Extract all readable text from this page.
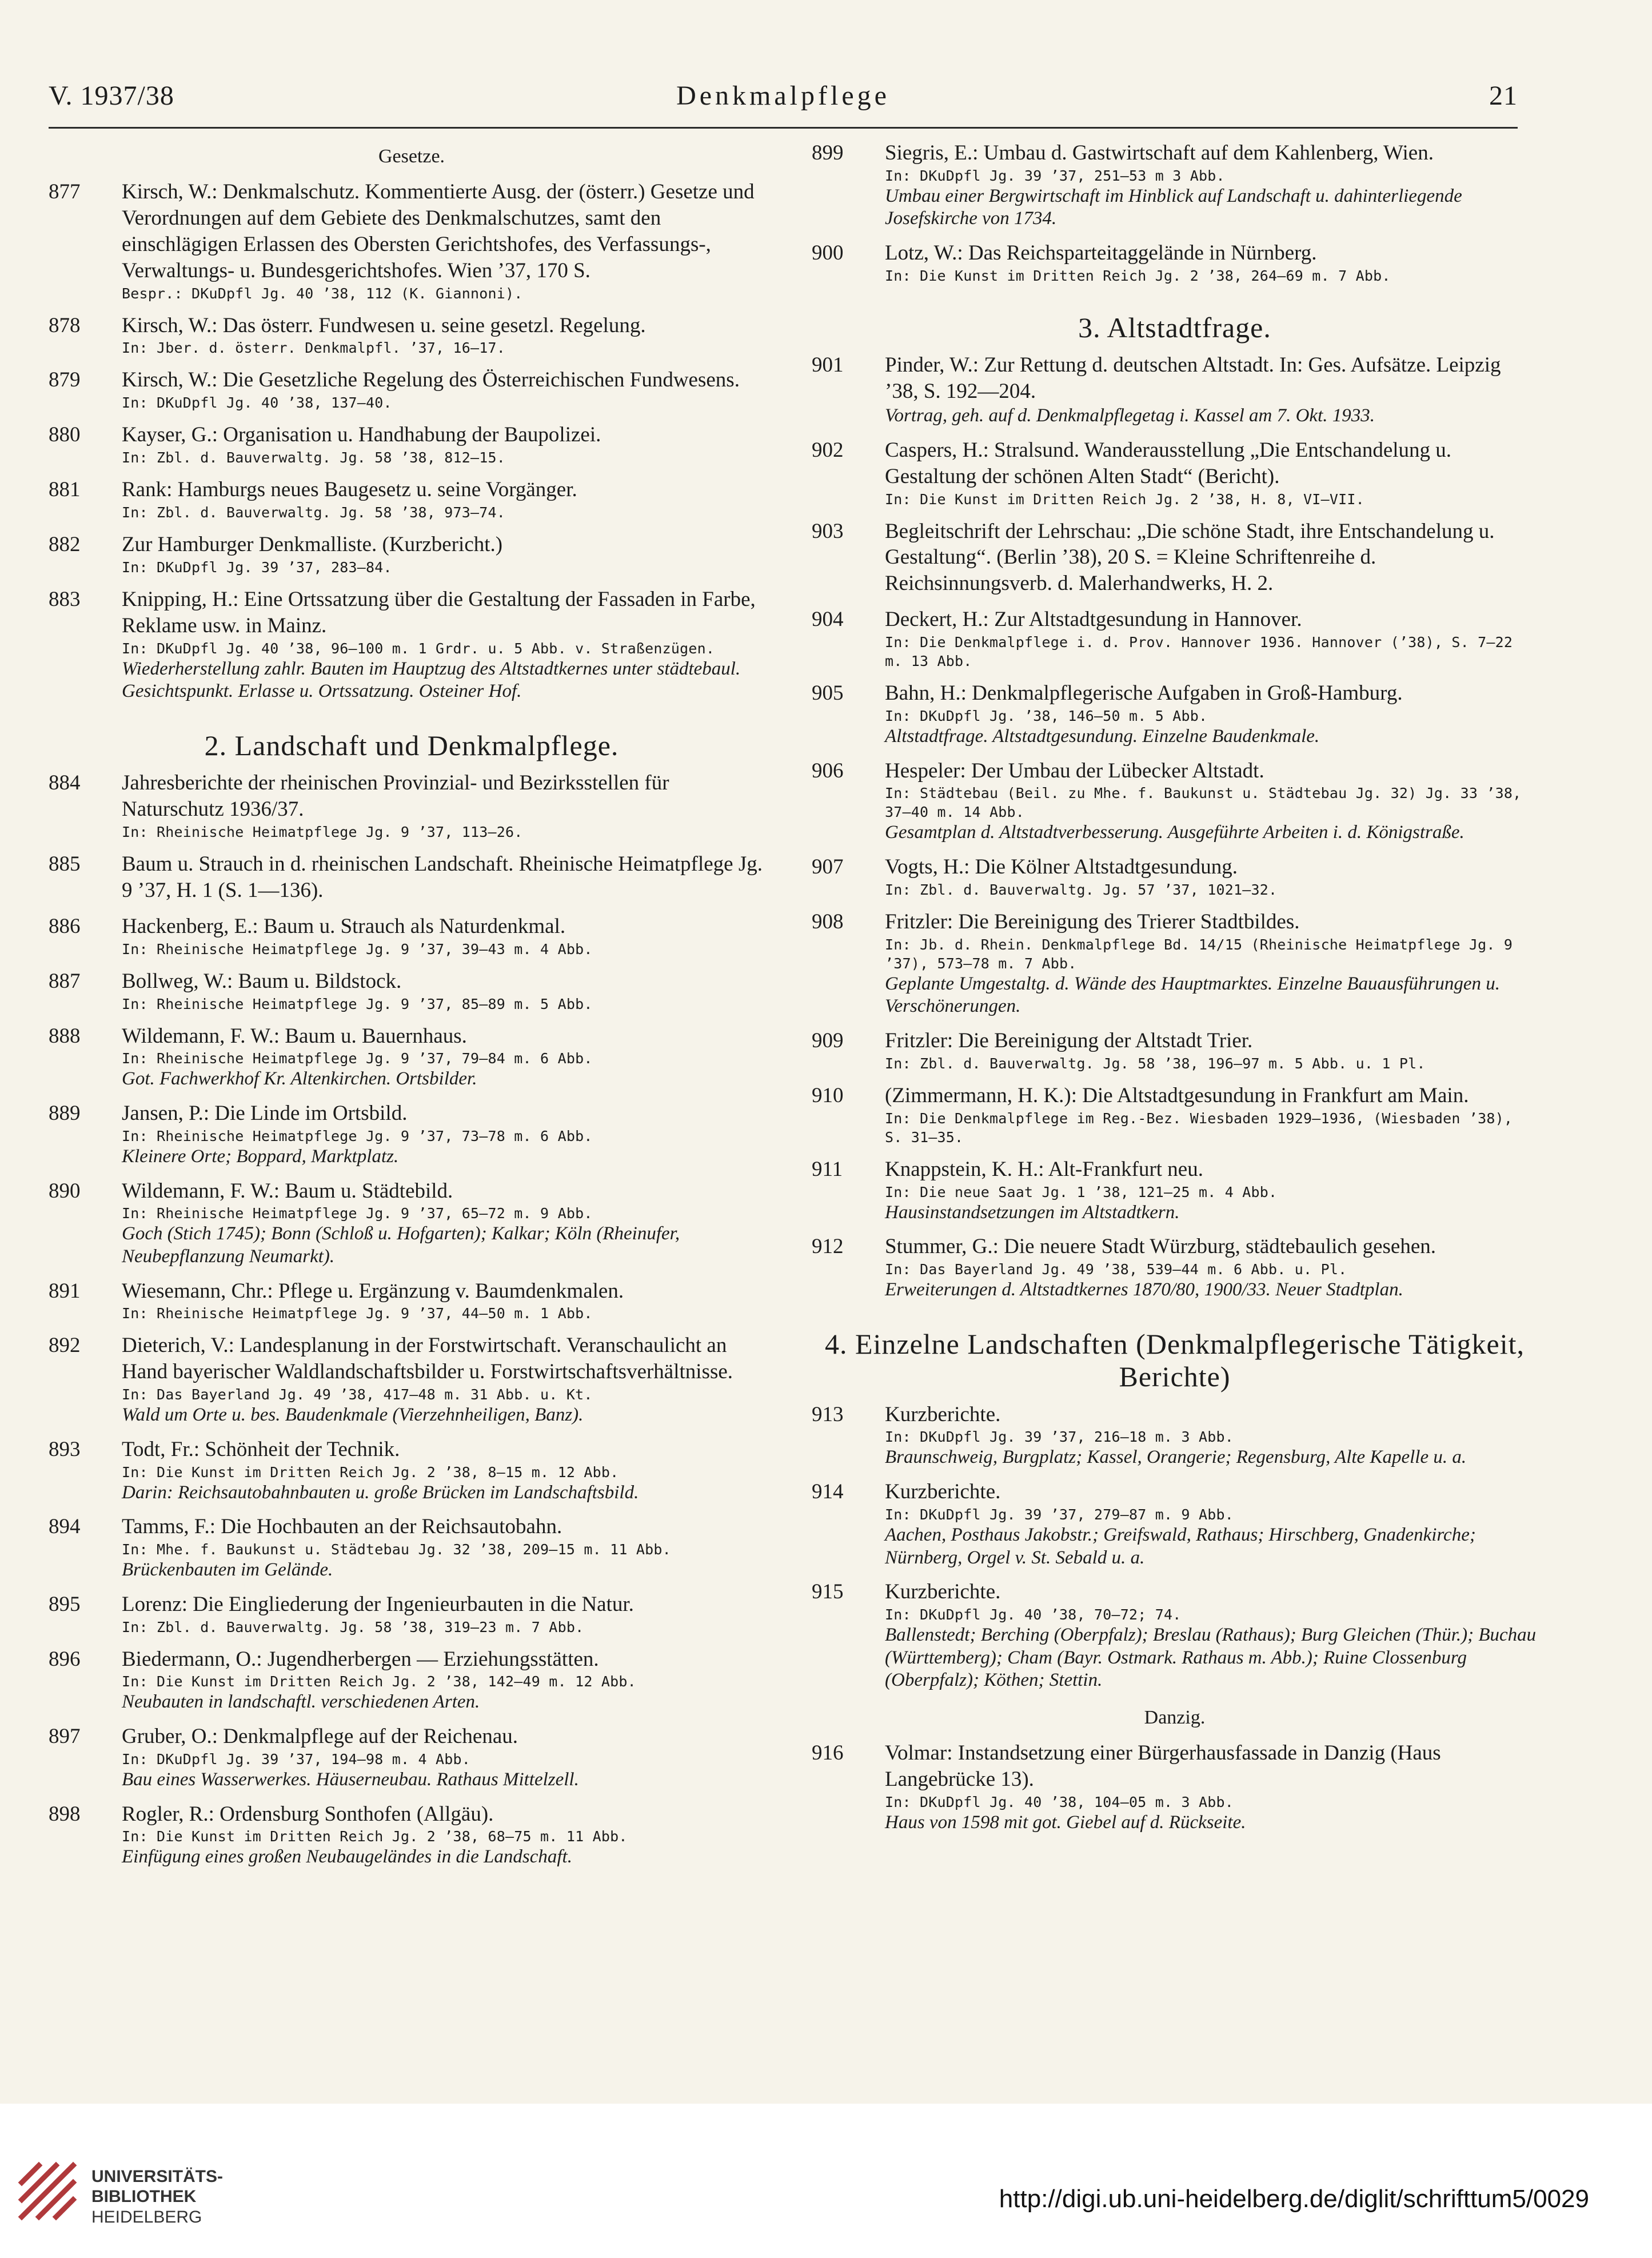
V. 1937/38	Denkmalpflege	21
Gesetze.
877	Kirsch, W.: Denkmalschutz. Kommentierte Ausg. der (österr.) Gesetze und Verordnungen auf dem Gebiete des Denkmalschutzes, samt den einschlägigen Erlassen des Obersten Gerichtshofes, des Verfassungs-, Verwaltungs- u. Bundesgerichtshofes. Wien ’37, 170 S.
Bespr.: DKuDpfl Jg. 40 ’38, 112 (K. Giannoni).
878	Kirsch, W.: Das österr. Fundwesen u. seine gesetzl. Regelung.
In: Jber. d. österr. Denkmalpfl. ’37, 16—17.
879	Kirsch, W.: Die Gesetzliche Regelung des Österreichischen Fundwesens.
In: DKuDpfl Jg. 40 ’38, 137—40.
880	Kayser, G.: Organisation u. Handhabung der Baupolizei.
In: Zbl. d. Bauverwaltg. Jg. 58 ’38, 812—15.
881	Rank: Hamburgs neues Baugesetz u. seine Vorgänger.
In: Zbl. d. Bauverwaltg. Jg. 58 ’38, 973—74.
882	Zur Hamburger Denkmalliste. (Kurzbericht.)
In: DKuDpfl Jg. 39 ’37, 283—84.
883	Knipping, H.: Eine Ortssatzung über die Gestaltung der Fassaden in Farbe, Reklame usw. in Mainz.
In: DKuDpfl Jg. 40 ’38, 96—100 m. 1 Grdr. u. 5 Abb. v. Straßenzügen.
Wiederherstellung zahlr. Bauten im Hauptzug des Altstadtkernes unter städtebaul. Gesichtspunkt. Erlasse u. Ortssatzung. Osteiner Hof.
2. Landschaft und Denkmalpflege.
884	Jahresberichte der rheinischen Provinzial- und Bezirksstellen für Naturschutz 1936/37.
In: Rheinische Heimatpflege Jg. 9 ’37, 113—26.
885	Baum u. Strauch in d. rheinischen Landschaft. Rheinische Heimatpflege Jg. 9 ’37, H. 1 (S. 1—136).
886	Hackenberg, E.: Baum u. Strauch als Naturdenkmal.
In: Rheinische Heimatpflege Jg. 9 ’37, 39—43 m. 4 Abb.
887	Bollweg, W.: Baum u. Bildstock.
In: Rheinische Heimatpflege Jg. 9 ’37, 85—89 m. 5 Abb.
888	Wildemann, F. W.: Baum u. Bauernhaus.
In: Rheinische Heimatpflege Jg. 9 ’37, 79—84 m. 6 Abb.
Got. Fachwerkhof Kr. Altenkirchen. Ortsbilder.
889	Jansen, P.: Die Linde im Ortsbild.
In: Rheinische Heimatpflege Jg. 9 ’37, 73—78 m. 6 Abb.
Kleinere Orte; Boppard, Marktplatz.
890	Wildemann, F. W.: Baum u. Städtebild.
In: Rheinische Heimatpflege Jg. 9 ’37, 65—72 m. 9 Abb.
Goch (Stich 1745); Bonn (Schloß u. Hofgarten); Kalkar; Köln (Rheinufer, Neubepflanzung Neumarkt).
891	Wiesemann, Chr.: Pflege u. Ergänzung v. Baumdenkmalen.
In: Rheinische Heimatpflege Jg. 9 ’37, 44—50 m. 1 Abb.
892	Dieterich, V.: Landesplanung in der Forstwirtschaft. Veranschaulicht an Hand bayerischer Waldlandschaftsbilder u. Forstwirtschaftsverhältnisse.
In: Das Bayerland Jg. 49 ’38, 417—48 m. 31 Abb. u. Kt.
Wald um Orte u. bes. Baudenkmale (Vierzehnheiligen, Banz).
893	Todt, Fr.: Schönheit der Technik.
In: Die Kunst im Dritten Reich Jg. 2 ’38, 8—15 m. 12 Abb.
Darin: Reichsautobahnbauten u. große Brücken im Landschaftsbild.
894	Tamms, F.: Die Hochbauten an der Reichsautobahn.
In: Mhe. f. Baukunst u. Städtebau Jg. 32 ’38, 209—15 m. 11 Abb.
Brückenbauten im Gelände.
895	Lorenz: Die Eingliederung der Ingenieurbauten in die Natur.
In: Zbl. d. Bauverwaltg. Jg. 58 ’38, 319—23 m. 7 Abb.
896	Biedermann, O.: Jugendherbergen — Erziehungsstätten.
In: Die Kunst im Dritten Reich Jg. 2 ’38, 142—49 m. 12 Abb.
Neubauten in landschaftl. verschiedenen Arten.
897	Gruber, O.: Denkmalpflege auf der Reichenau.
In: DKuDpfl Jg. 39 ’37, 194—98 m. 4 Abb.
Bau eines Wasserwerkes. Häuserneubau. Rathaus Mittelzell.
898	Rogler, R.: Ordensburg Sonthofen (Allgäu).
In: Die Kunst im Dritten Reich Jg. 2 ’38, 68—75 m. 11 Abb.
Einfügung eines großen Neubaugeländes in die Landschaft.
899	Siegris, E.: Umbau d. Gastwirtschaft auf dem Kahlenberg, Wien.
In: DKuDpfl Jg. 39 ’37, 251—53 m 3 Abb.
Umbau einer Bergwirtschaft im Hinblick auf Landschaft u. dahinterliegende Josefskirche von 1734.
900	Lotz, W.: Das Reichsparteitaggelände in Nürnberg.
In: Die Kunst im Dritten Reich Jg. 2 ’38, 264—69 m. 7 Abb.
3. Altstadtfrage.
901	Pinder, W.: Zur Rettung d. deutschen Altstadt. In: Ges. Aufsätze. Leipzig ’38, S. 192—204.
Vortrag, geh. auf d. Denkmalpflegetag i. Kassel am 7. Okt. 1933.
902	Caspers, H.: Stralsund. Wanderausstellung „Die Entschandelung u. Gestaltung der schönen Alten Stadt“ (Bericht).
In: Die Kunst im Dritten Reich Jg. 2 ’38, H. 8, VI—VII.
903	Begleitschrift der Lehrschau: „Die schöne Stadt, ihre Entschandelung u. Gestaltung“. (Berlin ’38), 20 S. = Kleine Schriftenreihe d. Reichsinnungsverb. d. Malerhandwerks, H. 2.
904	Deckert, H.: Zur Altstadtgesundung in Hannover.
In: Die Denkmalpflege i. d. Prov. Hannover 1936. Hannover (’38), S. 7—22 m. 13 Abb.
905	Bahn, H.: Denkmalpflegerische Aufgaben in Groß-Hamburg.
In: DKuDpfl Jg. ’38, 146—50 m. 5 Abb.
Altstadtfrage. Altstadtgesundung. Einzelne Baudenkmale.
906	Hespeler: Der Umbau der Lübecker Altstadt.
In: Städtebau (Beil. zu Mhe. f. Baukunst u. Städtebau Jg. 32) Jg. 33 ’38, 37—40 m. 14 Abb.
Gesamtplan d. Altstadtverbesserung. Ausgeführte Arbeiten i. d. Königstraße.
907	Vogts, H.: Die Kölner Altstadtgesundung.
In: Zbl. d. Bauverwaltg. Jg. 57 ’37, 1021—32.
908	Fritzler: Die Bereinigung des Trierer Stadtbildes.
In: Jb. d. Rhein. Denkmalpflege Bd. 14/15 (Rheinische Heimatpflege Jg. 9 ’37), 573—78 m. 7 Abb.
Geplante Umgestaltg. d. Wände des Hauptmarktes. Einzelne Bauausführungen u. Verschönerungen.
909	Fritzler: Die Bereinigung der Altstadt Trier.
In: Zbl. d. Bauverwaltg. Jg. 58 ’38, 196—97 m. 5 Abb. u. 1 Pl.
910	(Zimmermann, H. K.): Die Altstadtgesundung in Frankfurt am Main.
In: Die Denkmalpflege im Reg.-Bez. Wiesbaden 1929—1936, (Wiesbaden ’38), S. 31—35.
911	Knappstein, K. H.: Alt-Frankfurt neu.
In: Die neue Saat Jg. 1 ’38, 121—25 m. 4 Abb.
Hausinstandsetzungen im Altstadtkern.
912	Stummer, G.: Die neuere Stadt Würzburg, städtebaulich gesehen.
In: Das Bayerland Jg. 49 ’38, 539—44 m. 6 Abb. u. Pl.
Erweiterungen d. Altstadtkernes 1870/80, 1900/33. Neuer Stadtplan.
4. Einzelne Landschaften (Denkmalpflegerische Tätigkeit, Berichte)
913	Kurzberichte.
In: DKuDpfl Jg. 39 ’37, 216—18 m. 3 Abb.
Braunschweig, Burgplatz; Kassel, Orangerie; Regensburg, Alte Kapelle u. a.
914	Kurzberichte.
In: DKuDpfl Jg. 39 ’37, 279—87 m. 9 Abb.
Aachen, Posthaus Jakobstr.; Greifswald, Rathaus; Hirschberg, Gnadenkirche; Nürnberg, Orgel v. St. Sebald u. a.
915	Kurzberichte.
In: DKuDpfl Jg. 40 ’38, 70—72; 74.
Ballenstedt; Berching (Oberpfalz); Breslau (Rathaus); Burg Gleichen (Thür.); Buchau (Württemberg); Cham (Bayr. Ostmark. Rathaus m. Abb.); Ruine Clossenburg (Oberpfalz); Köthen; Stettin.
Danzig.
916	Volmar: Instandsetzung einer Bürgerhausfassade in Danzig (Haus Langebrücke 13).
In: DKuDpfl Jg. 40 ’38, 104—05 m. 3 Abb.
Haus von 1598 mit got. Giebel auf d. Rückseite.
UNIVERSITÄTS-
BIBLIOTHEK
HEIDELBERG
http://digi.ub.uni-heidelberg.de/diglit/schrifttum5/0029
